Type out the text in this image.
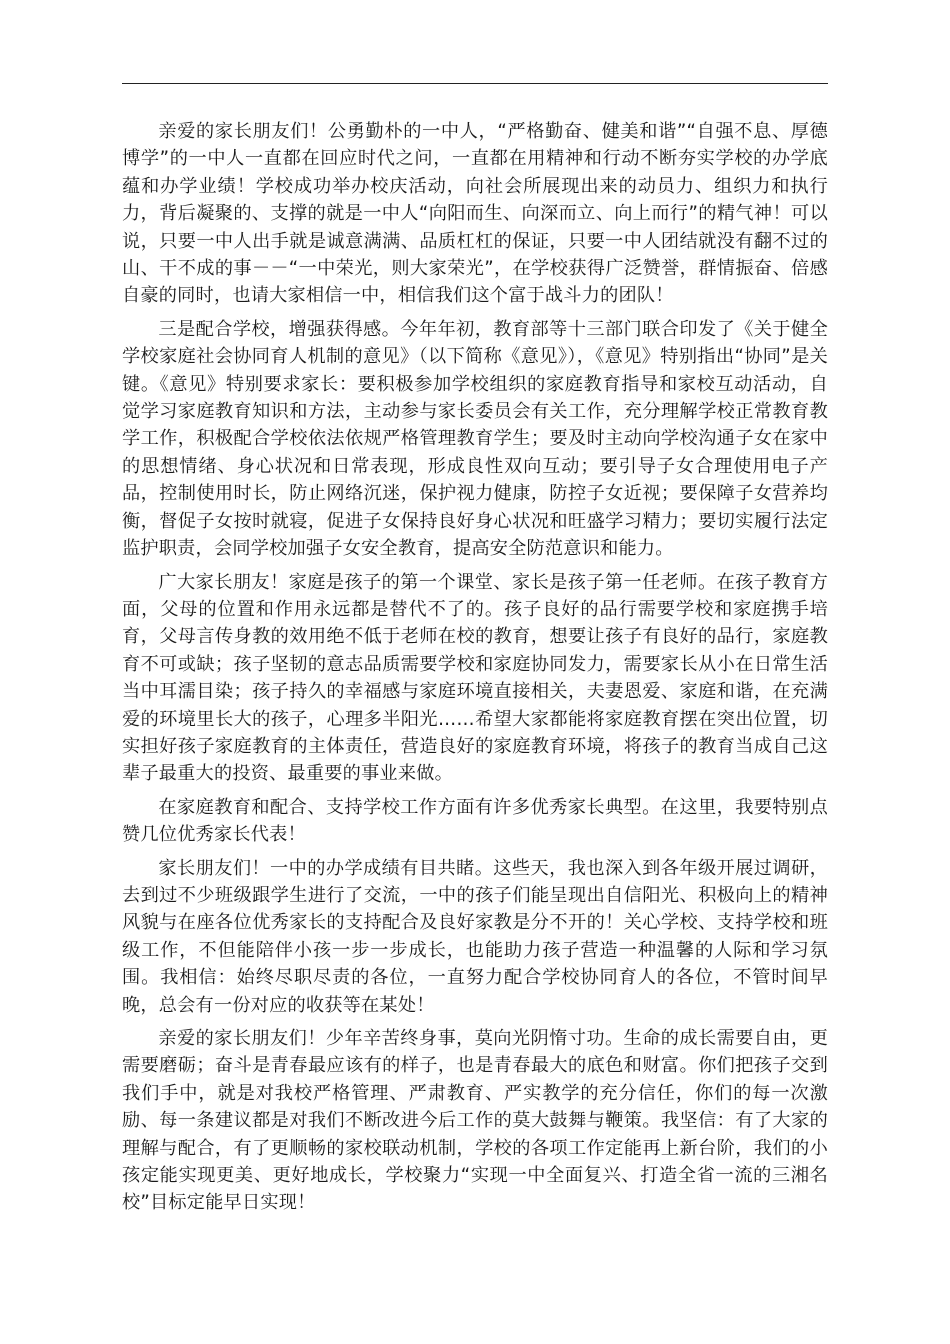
亲爱的家长朋友们！公勇勤朴的一中人，“严格勤奋、健美和谐”“自强不息、厚德博学”的一中人一直都在回应时代之问，一直都在用精神和行动不断夯实学校的办学底蕴和办学业绩！学校成功举办校庆活动，向社会所展现出来的动员力、组织力和执行力，背后凝聚的、支撑的就是一中人“向阳而生、向深而立、向上而行”的精气神！可以说，只要一中人出手就是诚意满满、品质杠杠的保证，只要一中人团结就没有翻不过的山、干不成的事－－“一中荣光，则大家荣光”，在学校获得广泛赞誉，群情振奋、倍感自豪的同时，也请大家相信一中，相信我们这个富于战斗力的团队！

三是配合学校，增强获得感。今年年初，教育部等十三部门联合印发了《关于健全学校家庭社会协同育人机制的意见》（以下简称《意见》），《意见》特别指出“协同”是关键。《意见》特别要求家长：要积极参加学校组织的家庭教育指导和家校互动活动，自觉学习家庭教育知识和方法，主动参与家长委员会有关工作，充分理解学校正常教育教学工作，积极配合学校依法依规严格管理教育学生；要及时主动向学校沟通子女在家中的思想情绪、身心状况和日常表现，形成良性双向互动；要引导子女合理使用电子产品，控制使用时长，防止网络沉迷，保护视力健康，防控子女近视；要保障子女营养均衡，督促子女按时就寝，促进子女保持良好身心状况和旺盛学习精力；要切实履行法定监护职责，会同学校加强子女安全教育，提高安全防范意识和能力。

广大家长朋友！家庭是孩子的第一个课堂、家长是孩子第一任老师。在孩子教育方面，父母的位置和作用永远都是替代不了的。孩子良好的品行需要学校和家庭携手培育，父母言传身教的效用绝不低于老师在校的教育，想要让孩子有良好的品行，家庭教育不可或缺；孩子坚韧的意志品质需要学校和家庭协同发力，需要家长从小在日常生活当中耳濡目染；孩子持久的幸福感与家庭环境直接相关，夫妻恩爱、家庭和谐，在充满爱的环境里长大的孩子，心理多半阳光……希望大家都能将家庭教育摆在突出位置，切实担好孩子家庭教育的主体责任，营造良好的家庭教育环境，将孩子的教育当成自己这辈子最重大的投资、最重要的事业来做。

在家庭教育和配合、支持学校工作方面有许多优秀家长典型。在这里，我要特别点赞几位优秀家长代表！

家长朋友们！一中的办学成绩有目共睹。这些天，我也深入到各年级开展过调研，去到过不少班级跟学生进行了交流，一中的孩子们能呈现出自信阳光、积极向上的精神风貌与在座各位优秀家长的支持配合及良好家教是分不开的！关心学校、支持学校和班级工作，不但能陪伴小孩一步一步成长，也能助力孩子营造一种温馨的人际和学习氛围。我相信：始终尽职尽责的各位，一直努力配合学校协同育人的各位，不管时间早晚，总会有一份对应的收获等在某处！

亲爱的家长朋友们！少年辛苦终身事，莫向光阴惰寸功。生命的成长需要自由，更需要磨砺；奋斗是青春最应该有的样子，也是青春最大的底色和财富。你们把孩子交到我们手中，就是对我校严格管理、严肃教育、严实教学的充分信任，你们的每一次激励、每一条建议都是对我们不断改进今后工作的莫大鼓舞与鞭策。我坚信：有了大家的理解与配合，有了更顺畅的家校联动机制，学校的各项工作定能再上新台阶，我们的小孩定能实现更美、更好地成长，学校聚力“实现一中全面复兴、打造全省一流的三湘名校”目标定能早日实现！
